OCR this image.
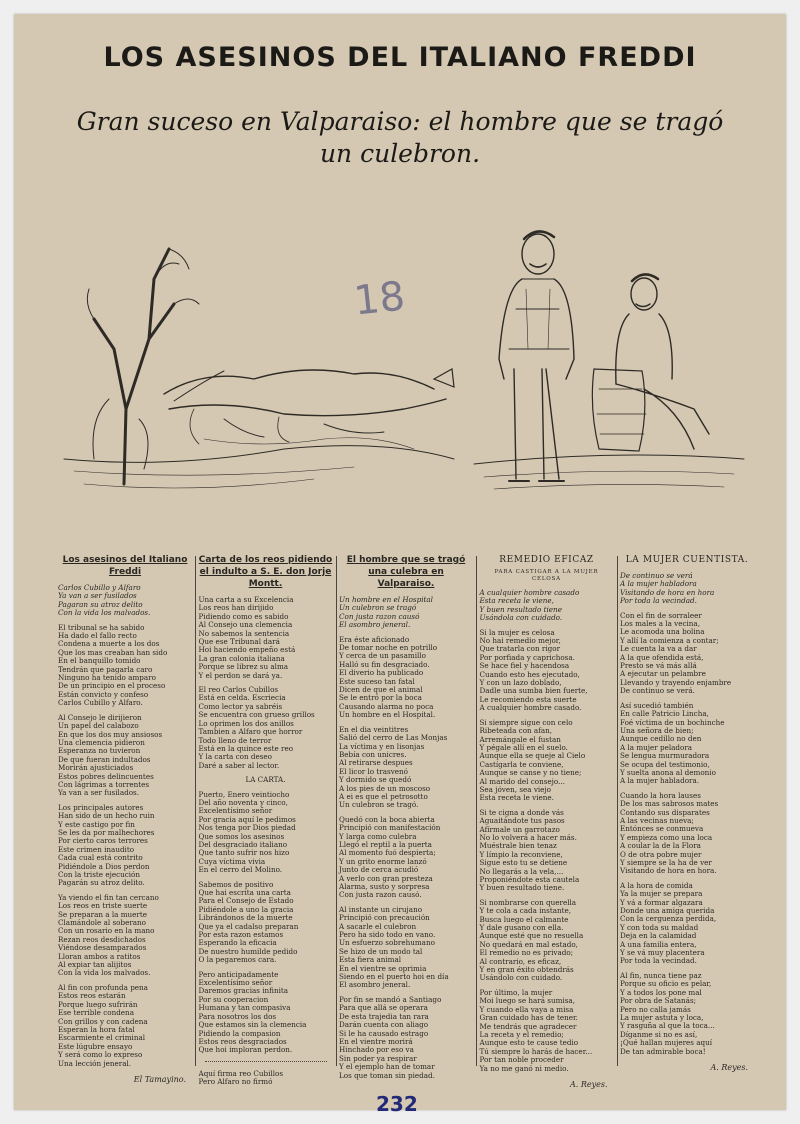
LOS ASESINOS DEL ITALIANO FREDDI
Gran suceso en Valparaiso: el hombre que se tragó un culebron.
18
Los asesinos del Italiano Freddi
Carlos Cubillo y Alfaro
Ya van a ser fusilados
Pagaran su atroz delito
Con la vida los malvados.
El tribunal se ha sabido
Ha dado el fallo recto
Condena a muerte a los dos
Que los mas creaban han sido
En el banquillo tomido
Tendrán que pagarla caro
Ninguno ha tenido amparo
De un principio en el proceso
Están convicto y confeso
Carlos Cubillo y Alfaro.
Al Consejo le dirijieron
Un papel del calabozo
En que los dos muy ansiosos
Una clemencia pidieron
Esperanza no tuvieron
De que fueran indultados
Morirán ajusticiados
Estos pobres delincuentes
Con lágrimas a torrentes
Ya van a ser fusilados.
Los principales autores
Han sido de un hecho ruin
Y este castigo por fin
Se les da por malhechores
Por cierto caros terrores
Este crimen inaudito
Cada cual está contrito
Pidiéndole a Dios perdon
Con la triste ejecución
Pagarán su atroz delito.
Ya viendo el fin tan cercano
Los reos en triste suerte
Se preparan a la muerte
Clamándole al soberano
Con un rosario en la mano
Rezan reos desdichados
Viéndose desamparados
Lloran ambos a ratitos
Al expiar tan alijitos
Con la vida los malvados.
Al fin con profunda pena
Estos reos estarán
Porque luego sufrirán
Ese terrible condena
Con grillos y con cadena
Esperan la hora fatal
Escarmiente el criminal
Este lúgubre ensayo
Y será como lo expreso
Una lección jeneral.
El Tamayino.
Carta de los reos pidiendo el indulto a S. E. don Jorje Montt.
Una carta a su Excelencia
Los reos han dirijido
Pidiendo como es sabido
Al Consejo una clemencia
No sabemos la sentencia
Que ese Tribunal dará
Hoi haciendo empeño está
La gran colonia italiana
Porque se librez su alma
Y el perdon se dará ya.
El reo Carlos Cubillos
Está en celda. Escriecia
Como lector ya sabréis
Se encuentra con grueso grillos
Lo oprimen los dos anillos
Tambien a Alfaro que horror
Todo lleno de terror
Está en la quince este reo
Y la carta con deseo
Daré a saber al lector.
LA CARTA.
Puerto, Enero veintiocho
Del año noventa y cinco,
Excelentísimo señor
Por gracia aquí le pedimos
Nos tenga por Dios piedad
Que somos los asesinos
Del desgraciado italiano
Que tanto sufrir nos hizo
Cuya víctima vivia
En el cerro del Molino.
Sabemos de positivo
Que hai escrita una carta
Para el Consejo de Estado
Pidiéndole a uno la gracia
Librándonos de la muerte
Que ya el cadalso preparan
Por esta razon estamos
Esperando la eficacia
De nuestro humilde pedido
O la pegaremos cara.
Pero anticipadamente
Excelentísimo señor
Daremos gracias infinita
Por su cooperacion
Humana y tan compasiva
Para nosotros los dos
Que estamos sin la clemencia
Pidiendo la compasion
Estos reos desgraciados
Que hoi imploran perdon.
Aquí firma reo Cubillos
Pero Alfaro no firmó
El hombre que se tragó una culebra en Valparaiso.
Un hombre en el Hospital
Un culebron se tragó
Con justa razon causó
El asombro jeneral.
Era éste aficionado
De tomar noche en potrillo
Y cerca de un pasamillo
Halló su fin desgraciado.
El diverio ha publicado
Este suceso tan fatal
Dicen de que el animal
Se le entró por la boca
Causando alarma no poca
Un hombre en el Hospital.
En el dia veintitres
Salió del cerro de Las Monjas
La víctima y en lisonjas
Bebía con unicres.
Al retirarse despues
El licor lo trasvenó
Y dormido se quedó
A los pies de un moscoso
A ei es que el petrosotto
Un culebron se tragó.
Quedó con la boca abierta
Principió con manifestación
Y larga como culebra
Llegó el reptil a la puerta
Al momento fuó despierta;
Y un grito enorme lanzó
Junto de cerca acudió
A verlo con gran presteza
Alarma, susto y sorpresa
Con justa razon causó.
Al instante un cirujano
Principió con precaución
A sacarle el culebron
Pero ha sido todo en vano.
Un esfuerzo sobrehumano
Se hizo de un modo tal
Esta fiera animal
En el vientre se oprimia
Siendo en el puerto hoi en día
El asombro jeneral.
Por fin se mandó a Santiago
Para que allá se operara
De esta trajedia tan rara
Darán cuenta con aliago
Si le ha causado estrago
En el vientre morirá
Hinchado por eso va
Sin poder ya respirar
Y el ejemplo han de tomar
Los que toman sin piedad.
REMEDIO EFICAZ
PARA CASTIGAR A LA MUJER CELOSA
A cualquier hombre casado
Esta receta le viene,
Y buen resultado tiene
Usándola con cuidado.
Si la mujer es celosa
No hai remedio mejor,
Que tratarla con rigor
Por porfiada y caprichosa.
Se hace fiel y hacendosa
Cuando esto hes ejecutado,
Y con un lazo doblado,
Dadle una sumba bien fuerte,
Le recomiendo esta suerte
A cualquier hombre casado.
Si siempre sigue con celo
Ribeteada con afan,
Arremángale el fustan
Y pégale allí en el suelo.
Aunque ella se queje al Cielo
Castígarla te conviene,
Aunque se canse y no tiene;
Al marido del consejo...
Sea jóven, sea viejo
Esta receta le viene.
Si te cigna a donde vás
Aguaitándote tus pasos
Afírmale un garrotazo
No lo volverá a hacer más.
Muéstrale bien tenaz
Y límpio la reconviene,
Sigue esto tu se detiene
No llegarás a la vela,...
Proponiéndote esta cautela
Y buen resultado tiene.
Si nombrarse con querella
Y te cola a cada instante,
Busca luego el calmante
Y dale gusano con ella.
Aunque esté que no resuella
No quedará en mal estado,
El remedio no es privado;
Al contrario, es eficaz,
Y en gran éxito obtendrás
Usándolo con cuidado.
Por último, la mujer
Moi luego se hará sumisa,
Y cuando ella vaya a misa
Gran cuidado has de tener.
Me tendrás que agradecer
La receta y el remedio;
Aunque esto te cause tedio
Tú siempre lo harás de hacer...
Por tan noble proceder
Ya no me ganó ni medio.
A. Reyes.
LA MUJER CUENTISTA.
De continuo se verá
A la mujer habladora
Visitando de hora en hora
Por toda la vecindad.
Con el fin de sorraleer
Los males a la vecina,
Le acomoda una bolina
Y allí la comienza a contar;
Le cuenta la va a dar
A la que ofendida está,
Presto se vá más allá
A ejecutar un pelambre
Llevando y trayendo enjambre
De continuo se verá.
Así sucedió también
En calle Patricio Lincha,
Foé víctima de un bochinche
Una señora de bien;
Aunque cedillo no den
A la mujer peladora
Se lengua murmuradora
Se ocupa del testimonio,
Y suelta anona al demonio
A la mujer habladora.
Cuando la hora lauses
De los mas sabrosos mates
Contando sus disparates
A las vecinas nueva;
Entónces se conmueva
Y empieza como una loca
A coular la de la Flora
O de otra pobre mujer
Y siempre se la ha de ver
Visitando de hora en hora.
A la hora de comida
Ya la mujer se prepara
Y vá a formar algazara
Donde una amiga querida
Con la cerguenza perdida,
Y con toda su maldad
Deja en la calamidad
A una familia entera,
Y se vá muy placentera
Por toda la vecindad.
Al fin, nunca tiene paz
Porque su oficio es pelar,
Y a todos los pone mal
Por obra de Satanás;
Pero no calla jamás
La mujer astuta y loca,
Y rasguña al que la toca...
Díganme si no es así,
¡Qué hallan mujeres aquí
De tan admirable boca!
A. Reyes.
232
